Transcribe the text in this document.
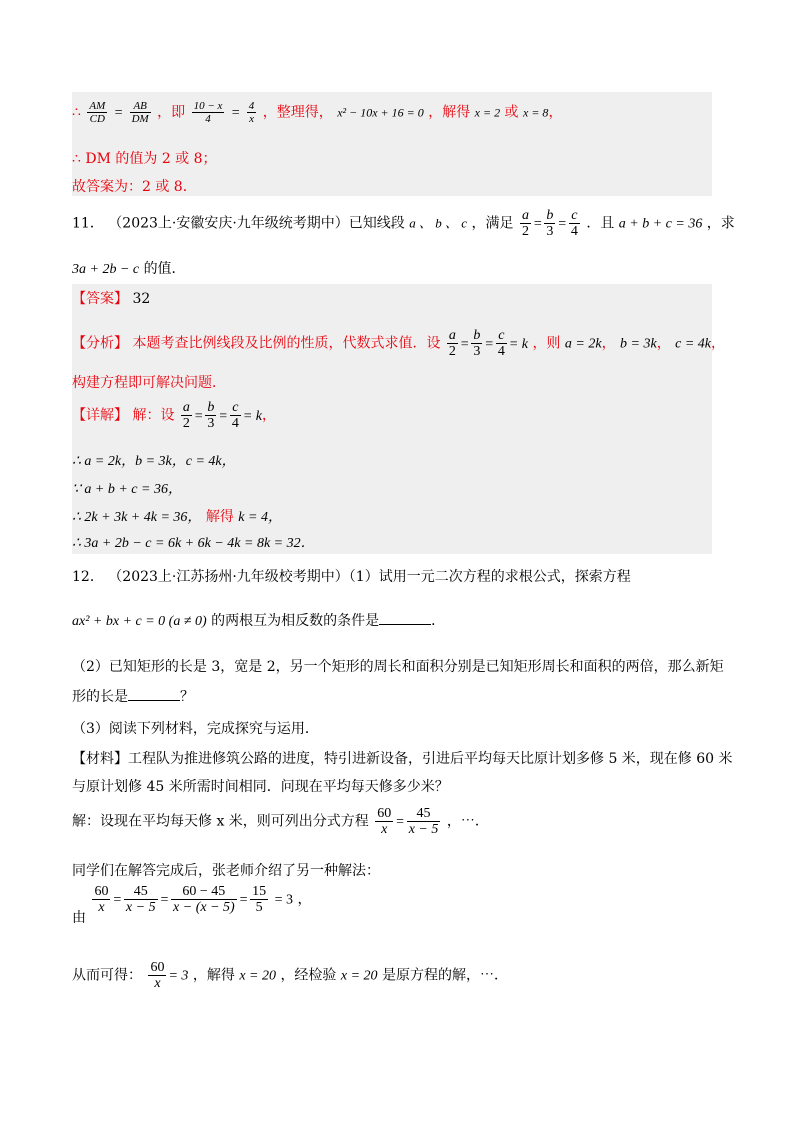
∴ $\frac{AM}{CD} = \frac{AB}{DM}$ ，即 $\frac{10 - x}{4} = \frac{4}{x}$ ，整理得， x² − 10x + 16 = 0 ，解得 x = 2 或 x = 8，
∴ DM 的值为 2 或 8；
故答案为：2 或 8．
11． （2023上·安徽安庆·九年级统考期中）已知线段 a 、 b 、 c ，满足 $\frac{a}{2} = \frac{b}{3} = \frac{c}{4}$ ．且 a + b + c = 36 ，求
3a + 2b − c 的值．
【答案】 32
【分析】 本题考查比例线段及比例的性质，代数式求值．设 $\frac{a}{2} = \frac{b}{3} = \frac{c}{4} = k$ ，则 a = 2k， b = 3k， c = 4k，
构建方程即可解决问题．
【详解】 解：设 $\frac{a}{2} = \frac{b}{3} = \frac{c}{4} = k$，
∴ a = 2k，b = 3k，c = 4k，
∵ a + b + c = 36，
∴ 2k + 3k + 4k = 36， 解得 k = 4，
∴ 3a + 2b − c = 6k + 6k − 4k = 8k = 32．
12． （2023上·江苏扬州·九年级校考期中）（1）试用一元二次方程的求根公式，探索方程
ax² + bx + c = 0 (a ≠ 0) 的两根互为相反数的条件是	．
（2）已知矩形的长是 3，宽是 2，另一个矩形的周长和面积分别是已知矩形周长和面积的两倍，那么新矩
形的长是	？
（3）阅读下列材料，完成探究与运用．
【材料】工程队为推进修筑公路的进度，特引进新设备，引进后平均每天比原计划多修 5 米，现在修 60 米
与原计划修 45 米所需时间相同．问现在平均每天修多少米？
解：设现在平均每天修 x 米，则可列出分式方程 $\frac{60}{x} = \frac{45}{x - 5}$ ，⋯．
同学们在解答完成后，张老师介绍了另一种解法：
由
$\frac{60}{x} = \frac{45}{x - 5} = \frac{60 - 45}{x - (x - 5)} = \frac{15}{5} = 3$ ，
从而可得： $\frac{60}{x} = 3$ ，解得 x = 20 ，经检验 x = 20 是原方程的解，⋯．
